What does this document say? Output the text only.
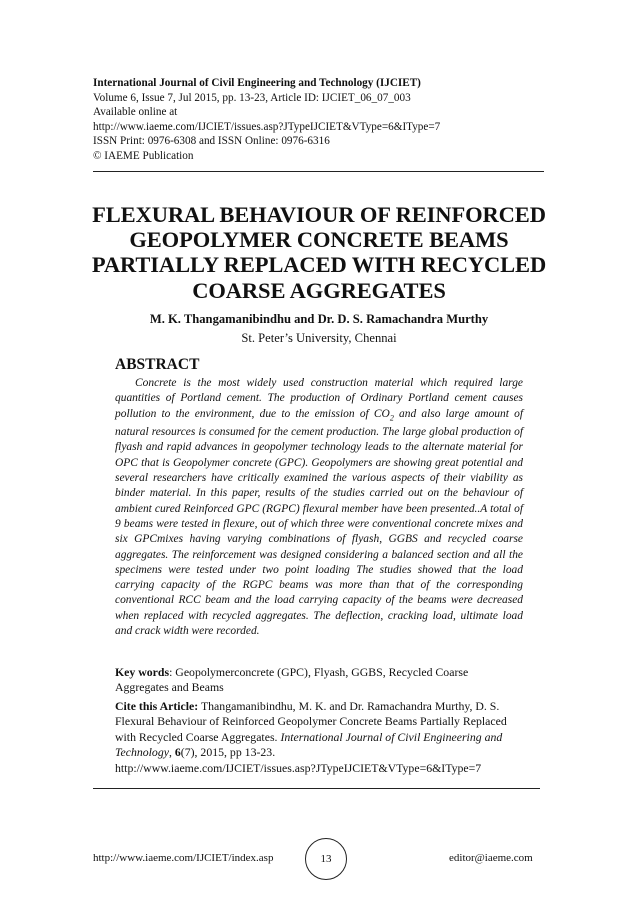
International Journal of Civil Engineering and Technology (IJCIET)
Volume 6, Issue 7, Jul 2015, pp. 13-23, Article ID: IJCIET_06_07_003
Available online at
http://www.iaeme.com/IJCIET/issues.asp?JTypeIJCIET&VType=6&IType=7
ISSN Print: 0976-6308 and ISSN Online: 0976-6316
© IAEME Publication
FLEXURAL BEHAVIOUR OF REINFORCED GEOPOLYMER CONCRETE BEAMS PARTIALLY REPLACED WITH RECYCLED COARSE AGGREGATES
M. K. Thangamanibindhu and Dr. D. S. Ramachandra Murthy
St. Peter’s University, Chennai
ABSTRACT

Concrete is the most widely used construction material which required large quantities of Portland cement. The production of Ordinary Portland cement causes pollution to the environment, due to the emission of $CO_2$ and also large amount of natural resources is consumed for the cement production. The large global production of flyash and rapid advances in geopolymer technology leads to the alternate material for OPC that is Geopolymer concrete (GPC). Geopolymers are showing great potential and several researchers have critically examined the various aspects of their viability as binder material. In this paper, results of the studies carried out on the behaviour of ambient cured Reinforced GPC (RGPC) flexural member have been presented..A total of 9 beams were tested in flexure, out of which three were conventional concrete mixes and six GPCmixes having varying combinations of flyash, GGBS and recycled coarse aggregates. The reinforcement was designed considering a balanced section and all the specimens were tested under two point loading The studies showed that the load carrying capacity of the RGPC beams was more than that of the corresponding conventional RCC beam and the load carrying capacity of the beams were decreased when replaced with recycled aggregates. The deflection, cracking load, ultimate load and crack width were recorded.

Key words: Geopolymerconcrete (GPC), Flyash, GGBS, Recycled Coarse Aggregates and Beams
Cite this Article: Thangamanibindhu, M. K. and Dr. Ramachandra Murthy, D. S. Flexural Behaviour of Reinforced Geopolymer Concrete Beams Partially Replaced with Recycled Coarse Aggregates. International Journal of Civil Engineering and Technology, 6(7), 2015, pp 13-23.
http://www.iaeme.com/IJCIET/issues.asp?JTypeIJCIET&VType=6&IType=7
http://www.iaeme.com/IJCIET/index.asp	13	editor@iaeme.com
